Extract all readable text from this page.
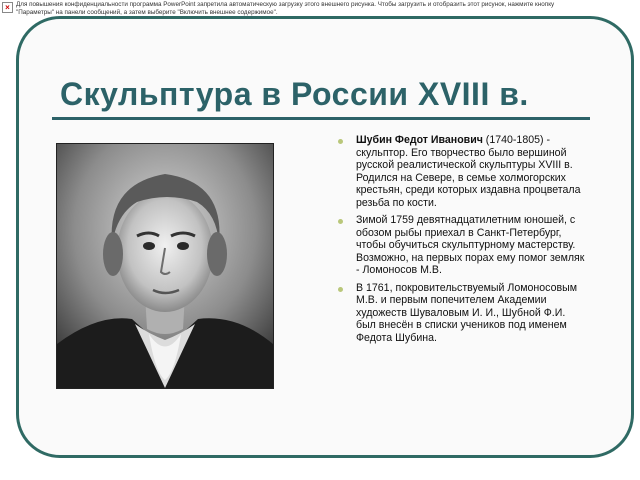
× Для повышения конфиденциальности программа PowerPoint запретила автоматическую загрузку этого внешнего рисунка. Чтобы загрузить и отобразить этот рисунок, нажмите кнопку
"Параметры" на панели сообщений, а затем выберите "Включить внешнее содержимое".
Скульптура в России XVIII в.
Шубин Федот Иванович (1740-1805) - скульптор. Его творчество было вершиной русской реалистической скульптуры XVIII в. Родился на Севере, в семье холмогорских крестьян, среди которых издавна процветала резьба по кости.
Зимой 1759 девятнадцатилетним юношей, с обозом рыбы приехал в Санкт-Петербург, чтобы обучиться скульптурному мастерству. Возможно, на первых порах ему помог земляк - Ломоносов М.В.
В 1761, покровительствуемый Ломоносовым М.В. и первым попечителем Академии художеств Шуваловым И. И., Шубной Ф.И. был внесён в списки учеников под именем Федота Шубина.
